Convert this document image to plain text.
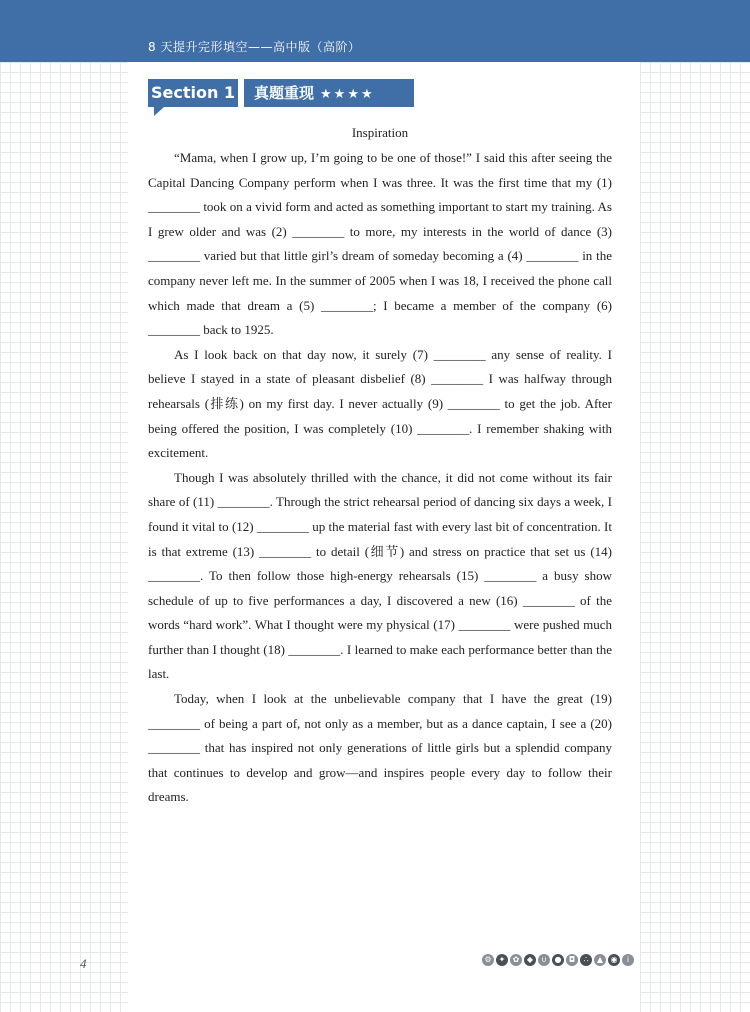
8 天提升完形填空——高中版（高阶）
Section 1	真题重现 ★★★★
Inspiration

“Mama, when I grow up, I’m going to be one of those!” I said this after seeing the Capital Dancing Company perform when I was three. It was the first time that my (1) ________ took on a vivid form and acted as something important to start my training. As I grew older and was (2) ________ to more, my interests in the world of dance (3) ________ varied but that little girl’s dream of someday becoming a (4) ________ in the company never left me. In the summer of 2005 when I was 18, I received the phone call which made that dream a (5) ________; I became a member of the company (6) ________ back to 1925.

As I look back on that day now, it surely (7) ________ any sense of reality. I believe I stayed in a state of pleasant disbelief (8) ________ I was halfway through rehearsals (排练) on my first day. I never actually (9) ________ to get the job. After being offered the position, I was completely (10) ________. I remember shaking with excitement.

Though I was absolutely thrilled with the chance, it did not come without its fair share of (11) ________. Through the strict rehearsal period of dancing six days a week, I found it vital to (12) ________ up the material fast with every last bit of concentration. It is that extreme (13) ________ to detail (细节) and stress on practice that set us (14) ________. To then follow those high-energy rehearsals (15) ________ a busy show schedule of up to five performances a day, I discovered a new (16) ________ of the words “hard work”. What I thought were my physical (17) ________ were pushed much further than I thought (18) ________. I learned to make each performance better than the last.

Today, when I look at the unbelievable company that I have the great (19) ________ of being a part of, not only as a member, but as a dance captain, I see a (20) ________ that has inspired not only generations of little girls but a splendid company that continues to develop and grow—and inspires people every day to follow their dreams.

4	⚙ ✦ ✿ ◆ ∪ ● ◘	∴	▲ ◉	ⅰ
